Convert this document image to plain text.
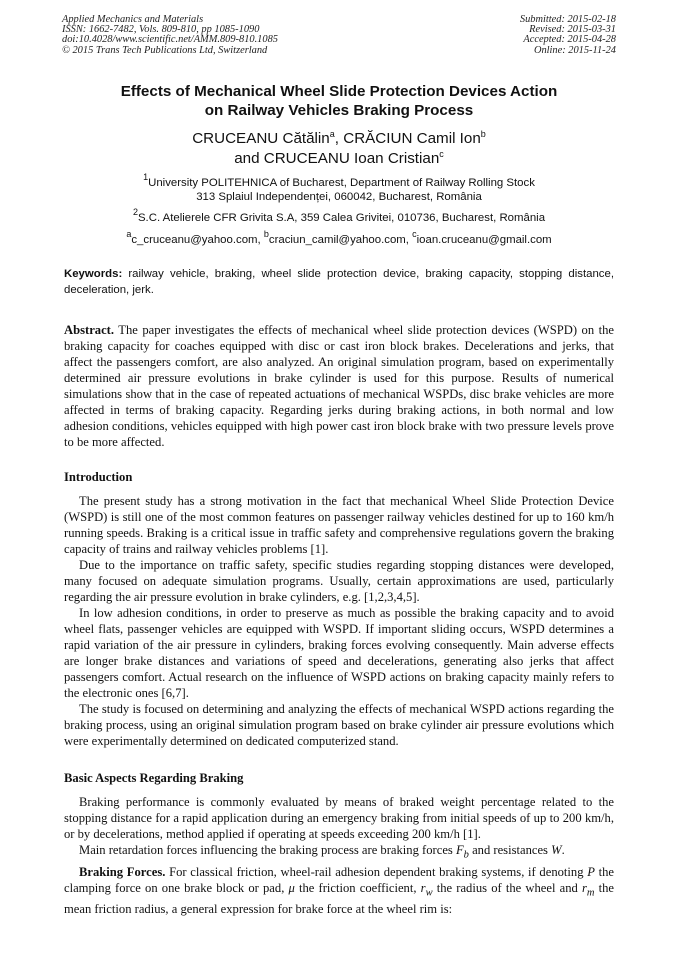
Applied Mechanics and Materials
ISSN: 1662-7482, Vols. 809-810, pp 1085-1090
doi:10.4028/www.scientific.net/AMM.809-810.1085
© 2015 Trans Tech Publications Ltd, Switzerland
Submitted: 2015-02-18
Revised: 2015-03-31
Accepted: 2015-04-28
Online: 2015-11-24
Effects of Mechanical Wheel Slide Protection Devices Action
on Railway Vehicles Braking Process
CRUCEANU Cătălin$^a$, CRĂCIUN Camil Ion$^b$
and CRUCEANU Ioan Cristian$^c$
$^1$University POLITEHNICA of Bucharest, Department of Railway Rolling Stock
313 Splaiul Independenței, 060042, Bucharest, România
$^2$S.C. Atelierele CFR Grivita S.A, 359 Calea Grivitei, 010736, Bucharest, România
$^a$c_cruceanu@yahoo.com, $^b$craciun_camil@yahoo.com, $^c$ioan.cruceanu@gmail.com
Keywords: railway vehicle, braking, wheel slide protection device, braking capacity, stopping distance, deceleration, jerk.
Abstract. The paper investigates the effects of mechanical wheel slide protection devices (WSPD) on the braking capacity for coaches equipped with disc or cast iron block brakes. Decelerations and jerks, that affect the passengers comfort, are also analyzed. An original simulation program, based on experimentally determined air pressure evolutions in brake cylinder is used for this purpose. Results of numerical simulations show that in the case of repeated actuations of mechanical WSPDs, disc brake vehicles are more affected in terms of braking capacity. Regarding jerks during braking actions, in both normal and low adhesion conditions, vehicles equipped with high power cast iron block brake with two pressure levels prove to be more affected.
Introduction

The present study has a strong motivation in the fact that mechanical Wheel Slide Protection Device (WSPD) is still one of the most common features on passenger railway vehicles destined for up to 160 km/h running speeds. Braking is a critical issue in traffic safety and comprehensive regulations govern the braking capacity of trains and railway vehicles problems [1].

Due to the importance on traffic safety, specific studies regarding stopping distances were developed, many focused on adequate simulation programs. Usually, certain approximations are used, particularly regarding the air pressure evolution in brake cylinders, e.g. [1,2,3,4,5].

In low adhesion conditions, in order to preserve as much as possible the braking capacity and to avoid wheel flats, passenger vehicles are equipped with WSPD. If important sliding occurs, WSPD determines a rapid variation of the air pressure in cylinders, braking forces evolving consequently. Main adverse effects are longer brake distances and variations of speed and decelerations, generating also jerks that affect passengers comfort. Actual research on the influence of WSPD actions on braking capacity mainly refers to the electronic ones [6,7].

The study is focused on determining and analyzing the effects of mechanical WSPD actions regarding the braking process, using an original simulation program based on brake cylinder air pressure evolutions which were experimentally determined on dedicated computerized stand.

Basic Aspects Regarding Braking

Braking performance is commonly evaluated by means of braked weight percentage related to the stopping distance for a rapid application during an emergency braking from initial speeds of up to 200 km/h, or by decelerations, method applied if operating at speeds exceeding 200 km/h [1].

Main retardation forces influencing the braking process are braking forces $F_b$ and resistances W.

Braking Forces. For classical friction, wheel-rail adhesion dependent braking systems, if denoting P the clamping force on one brake block or pad, μ the friction coefficient, $r_w$ the radius of the wheel and $r_m$ the mean friction radius, a general expression for brake force at the wheel rim is:
